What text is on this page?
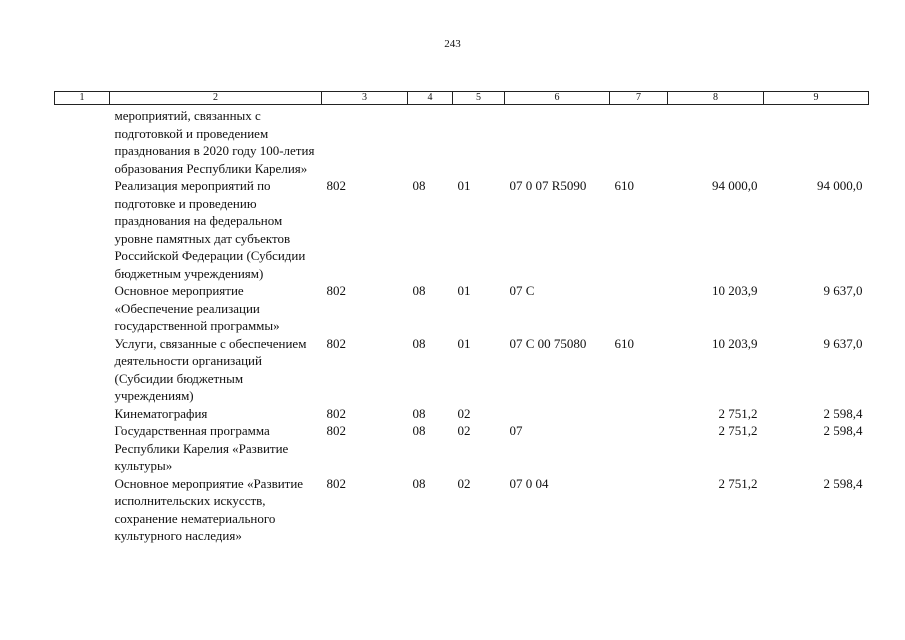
243
1	2	3	4	5	6	7	8	9
	мероприятий, связанных с подготовкой и проведением празднования в 2020 году 100-летия образования Республики Карелия»							
	Реализация мероприятий по подготовке и проведению празднования на федеральном уровне памятных дат субъектов Российской Федерации (Субсидии бюджетным учреждениям)	802	08	01	07 0 07 R5090	610	94 000,0	94 000,0
	Основное мероприятие «Обеспечение реализации государственной программы»	802	08	01	07 С		10 203,9	9 637,0
	Услуги, связанные с обеспечением деятельности организаций (Субсидии бюджетным учреждениям)	802	08	01	07 С 00 75080	610	10 203,9	9 637,0
	Кинематография	802	08	02			2 751,2	2 598,4
	Государственная программа Республики Карелия «Развитие культуры»	802	08	02	07		2 751,2	2 598,4
	Основное мероприятие «Развитие исполнительских искусств, сохранение нематериального культурного наследия»	802	08	02	07 0 04		2 751,2	2 598,4
